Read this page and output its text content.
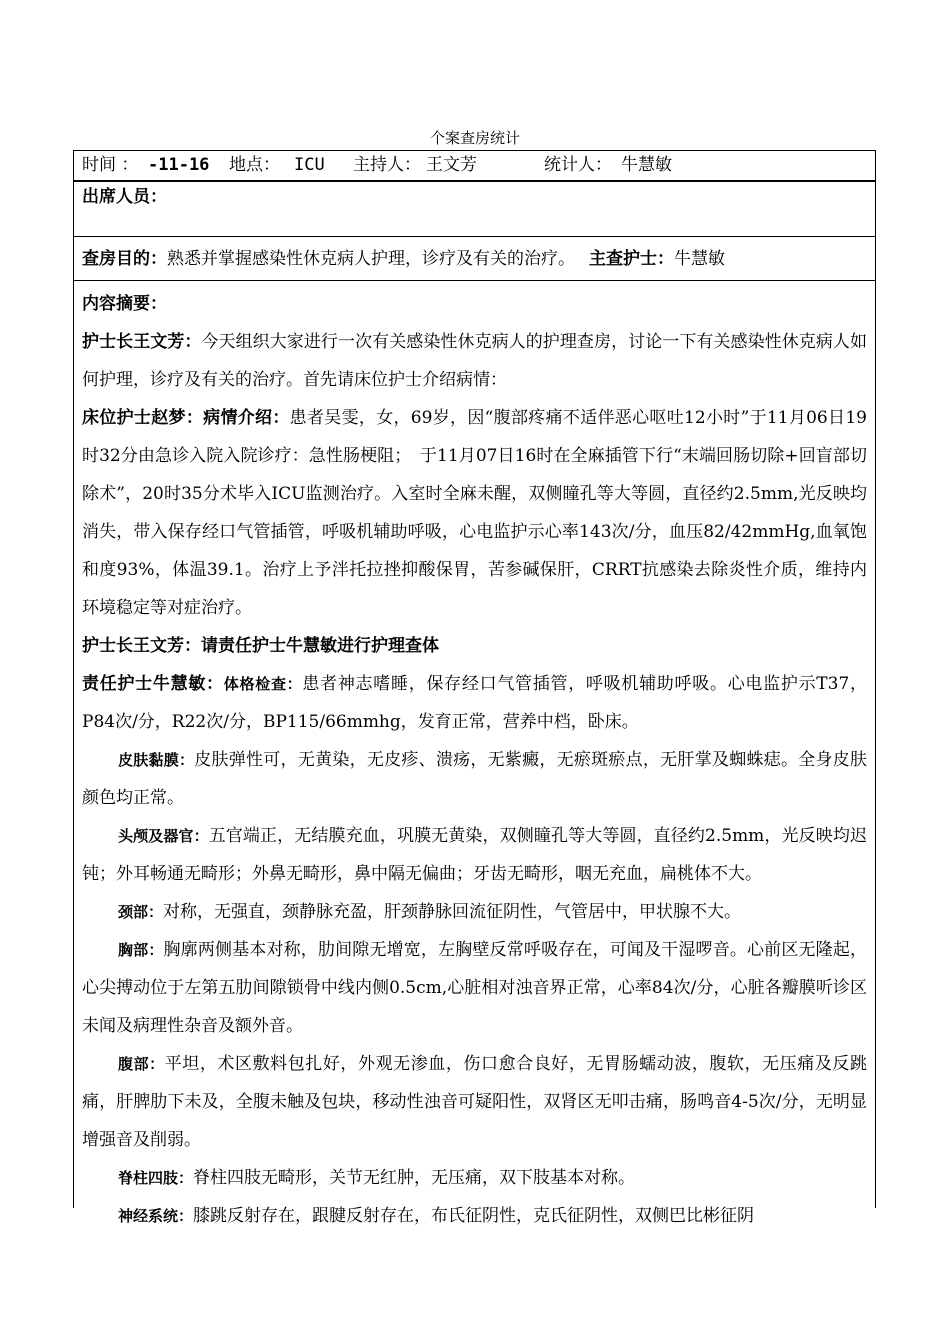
个案查房统计
时间 ： -11-16 地点： ICU 主持人： 王文芳	统计人： 牛慧敏
出席人员：
查房目的：熟悉并掌握感染性休克病人护理，诊疗及有关的治疗。 主查护士：牛慧敏

内容摘要：

护士长王文芳：今天组织大家进行一次有关感染性休克病人的护理查房，讨论一下有关感染性休克病人如何护理，诊疗及有关的治疗。首先请床位护士介绍病情：

床位护士赵梦：病情介绍：患者吴雯，女，69岁，因“腹部疼痛不适伴恶心呕吐12小时”于11月06日19时32分由急诊入院入院诊疗：急性肠梗阻；　于11月07日16时在全麻插管下行“末端回肠切除+回盲部切除术”，20时35分术毕入ICU监测治疗。入室时全麻未醒，双侧瞳孔等大等圆，直径约2.5mm,光反映均消失，带入保存经口气管插管，呼吸机辅助呼吸，心电监护示心率143次/分，血压82/42mmHg,血氧饱和度93%，体温39.1。治疗上予泮托拉挫抑酸保胃，苦参碱保肝，CRRT抗感染去除炎性介质，维持内环境稳定等对症治疗。

护士长王文芳：请责任护士牛慧敏进行护理查体

责任护士牛慧敏：体格检查：患者神志嗜睡，保存经口气管插管，呼吸机辅助呼吸。心电监护示T37，P84次/分，R22次/分，BP115/66mmhg，发育正常，营养中档，卧床。

皮肤黏膜：皮肤弹性可，无黄染，无皮疹、溃疡，无紫癜，无瘀斑瘀点，无肝掌及蜘蛛痣。全身皮肤颜色均正常。

头颅及器官：五官端正，无结膜充血，巩膜无黄染，双侧瞳孔等大等圆，直径约2.5mm，光反映均迟钝；外耳畅通无畸形；外鼻无畸形，鼻中隔无偏曲；牙齿无畸形，咽无充血，扁桃体不大。

颈部：对称，无强直，颈静脉充盈，肝颈静脉回流征阴性，气管居中，甲状腺不大。

胸部：胸廓两侧基本对称，肋间隙无增宽，左胸壁反常呼吸存在，可闻及干湿啰音。心前区无隆起，心尖搏动位于左第五肋间隙锁骨中线内侧0.5cm,心脏相对浊音界正常，心率84次/分，心脏各瓣膜听诊区未闻及病理性杂音及额外音。

腹部：平坦，术区敷料包扎好，外观无渗血，伤口愈合良好，无胃肠蠕动波，腹软，无压痛及反跳痛，肝脾肋下未及，全腹未触及包块，移动性浊音可疑阳性，双肾区无叩击痛，肠鸣音4-5次/分，无明显增强音及削弱。

脊柱四肢：脊柱四肢无畸形，关节无红肿，无压痛，双下肢基本对称。

神经系统：膝跳反射存在，跟腱反射存在，布氏征阴性，克氏征阴性，双侧巴比彬征阴
